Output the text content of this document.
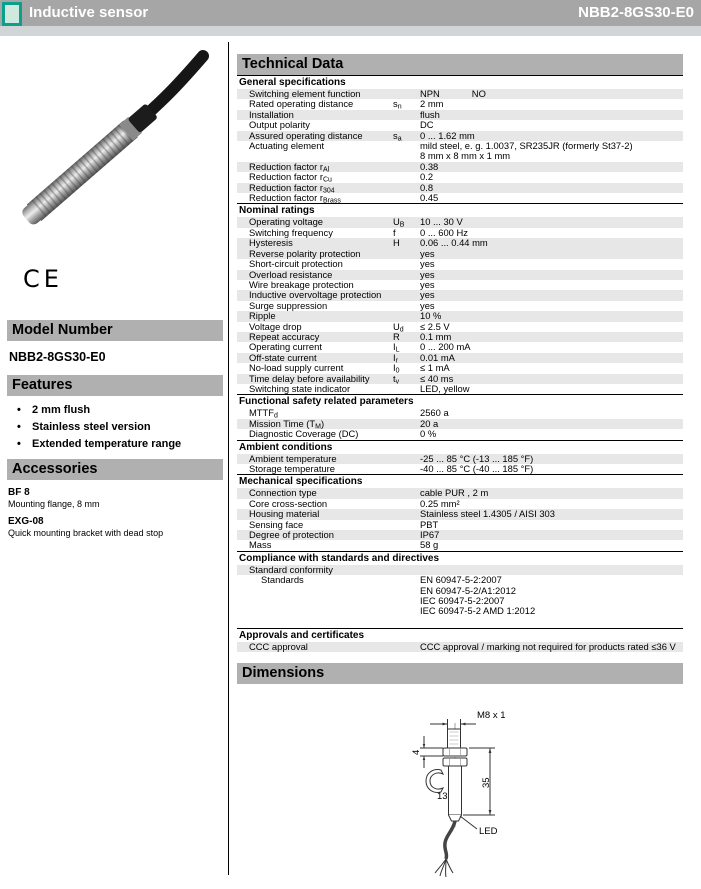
Inductive sensor	NBB2-8GS30-E0
CE
Model Number
NBB2-8GS30-E0
Features
•	2 mm flush
•	Stainless steel version
•	Extended temperature range
Accessories
BF 8
Mounting flange, 8 mm
EXG-08
Quick mounting bracket with dead stop
Technical Data
General specifications
Switching element function	NPN	NO
Rated operating distance	$s_n$	2 mm
Installation	flush
Output polarity	DC
Assured operating distance	$s_a$	0 ... 1.62 mm
Actuating element	mild steel, e. g. 1.0037, SR235JR (formerly St37-2)
8 mm x 8 mm x 1 mm
Reduction factor $r_{Al}$	0.38
Reduction factor $r_{Cu}$	0.2
Reduction factor $r_{304}$	0.8
Reduction factor $r_{Brass}$	0.45
Nominal ratings
Operating voltage	$U_B$	10 ... 30 V
Switching frequency	f	0 ... 600 Hz
Hysteresis	H	0.06 ... 0.44 mm
Reverse polarity protection	yes
Short-circuit protection	yes
Overload resistance	yes
Wire breakage protection	yes
Inductive overvoltage protection	yes
Surge suppression	yes
Ripple	10 %
Voltage drop	$U_d$	≤ 2.5 V
Repeat accuracy	R	0.1 mm
Operating current	$I_L$	0 ... 200 mA
Off-state current	$I_r$	0.01 mA
No-load supply current	$I_0$	≤ 1 mA
Time delay before availability	$t_v$	≤ 40 ms
Switching state indicator	LED, yellow
Functional safety related parameters
$MTTF_d$	2560 a
Mission Time $(T_M)$	20 a
Diagnostic Coverage (DC)	0 %
Ambient conditions
Ambient temperature	-25 ... 85 °C (-13 ... 185 °F)
Storage temperature	-40 ... 85 °C (-40 ... 185 °F)
Mechanical specifications
Connection type	cable PUR , 2 m
Core cross-section	0.25 mm²
Housing material	Stainless steel 1.4305 / AISI 303
Sensing face	PBT
Degree of protection	IP67
Mass	58 g
Compliance with standards and directives
Standard conformity
Standards	EN 60947-5-2:2007
EN 60947-5-2/A1:2012
IEC 60947-5-2:2007
IEC 60947-5-2 AMD 1:2012
Approvals and certificates
CCC approval	CCC approval / marking not required for products rated ≤36 V
Dimensions
M8 x 1
4
13
35
LED
